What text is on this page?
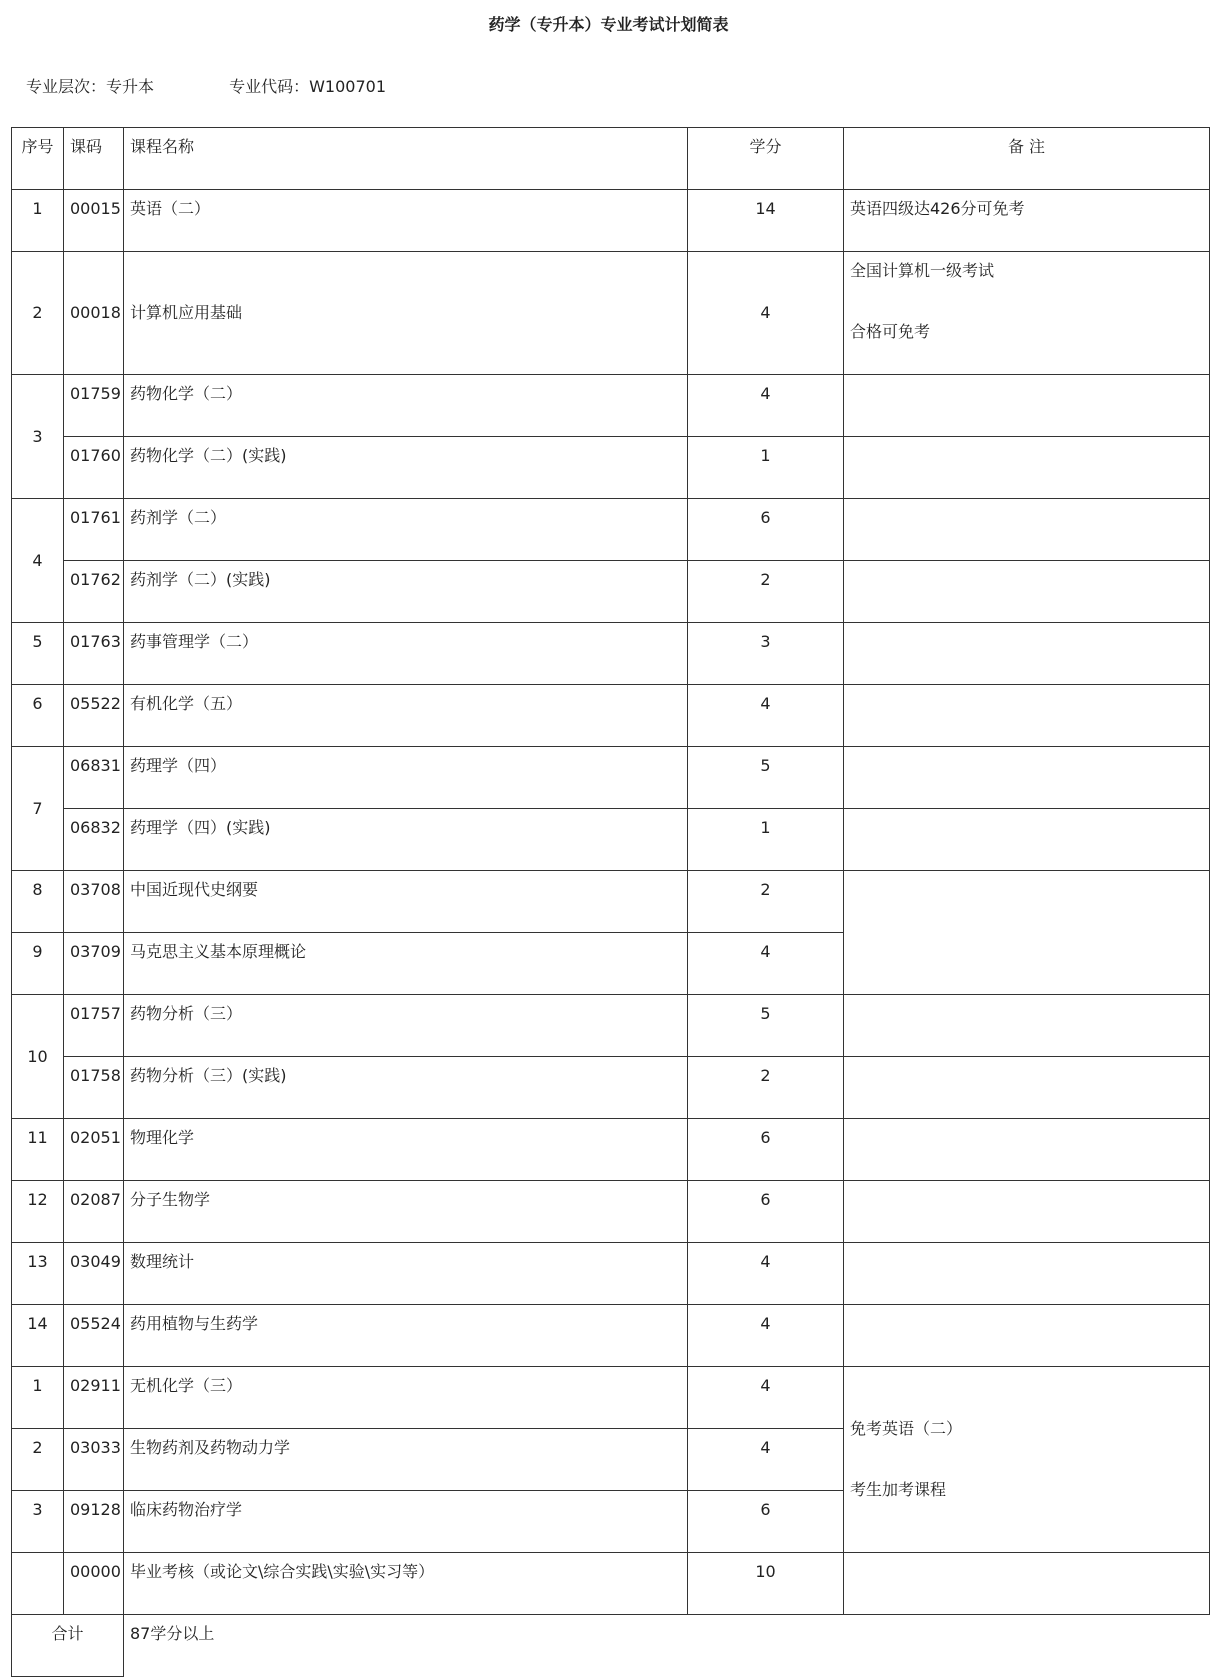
药学（专升本）专业考试计划简表
专业层次：专升本	专业代码：W100701
序号	课码	课程名称	学分	备 注
1	00015	英语（二）	14	英语四级达426分可免考
2	00018	计算机应用基础	4	全国计算机一级考试
合格可免考

3	01759	药物化学（二）	4	
	01760	药物化学（二）(实践)	1	
4	01761	药剂学（二）	6	
	01762	药剂学（二）(实践)	2	
5	01763	药事管理学（二）	3	
6	05522	有机化学（五）	4	
7	06831	药理学（四）	5	
	06832	药理学（四）(实践)	1	
8	03708	中国近现代史纲要	2	
9	03709	马克思主义基本原理概论	4	
10	01757	药物分析（三）	5	
	01758	药物分析（三）(实践)	2	
11	02051	物理化学	6	
12	02087	分子生物学	6	
13	03049	数理统计	4	
14	05524	药用植物与生药学	4	
1	02911	无机化学（三）	4	免考英语（二）
考生加考课程

2	03033	生物药剂及药物动力学	4	
3	09128	临床药物治疗学	6	
	00000	毕业考核（或论文\综合实践\实验\实习等）	10	
合计		87学分以上		
